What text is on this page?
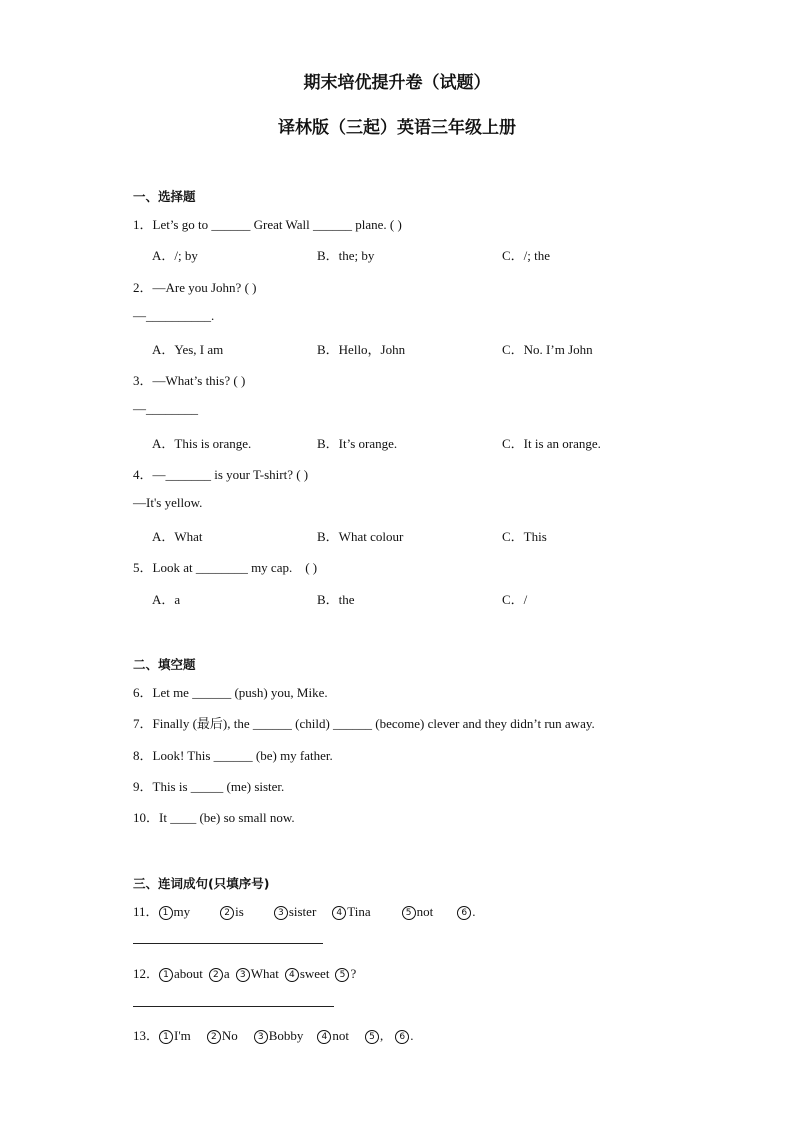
期末培优提升卷（试题）
译林版（三起）英语三年级上册
一、选择题
1．Let’s go to ______ Great Wall ______ plane. ( )
A．/; by	B．the; by	C．/; the
2．—Are you John? ( )
—__________.
A．Yes, I am	B．Hello，John	C．No. I’m John
3．—What’s this? ( )
—________
A．This is orange.	B．It’s orange.	C．It is an orange.
4．—_______ is your T-shirt? ( )
—It's yellow.
A．What	B．What colour	C．This
5．Look at ________ my cap.　( )
A．a	B．the	C．/
二、填空题
6．Let me ______ (push) you, Mike.
7．Finally (最后), the ______ (child) ______ (become) clever and they didn’t run away.
8．Look! This ______ (be) my father.
9．This is _____ (me) sister.
10．It ____ (be) so small now.
三、连词成句(只填序号)
11． 1 my	2 is	3 sister 4 Tina	5 not	6 .
12． 1 about 2 a 3 What 4 sweet 5 ?
13． 1 I'm 2 No 3 Bobby 4 not 5 , 6 .
